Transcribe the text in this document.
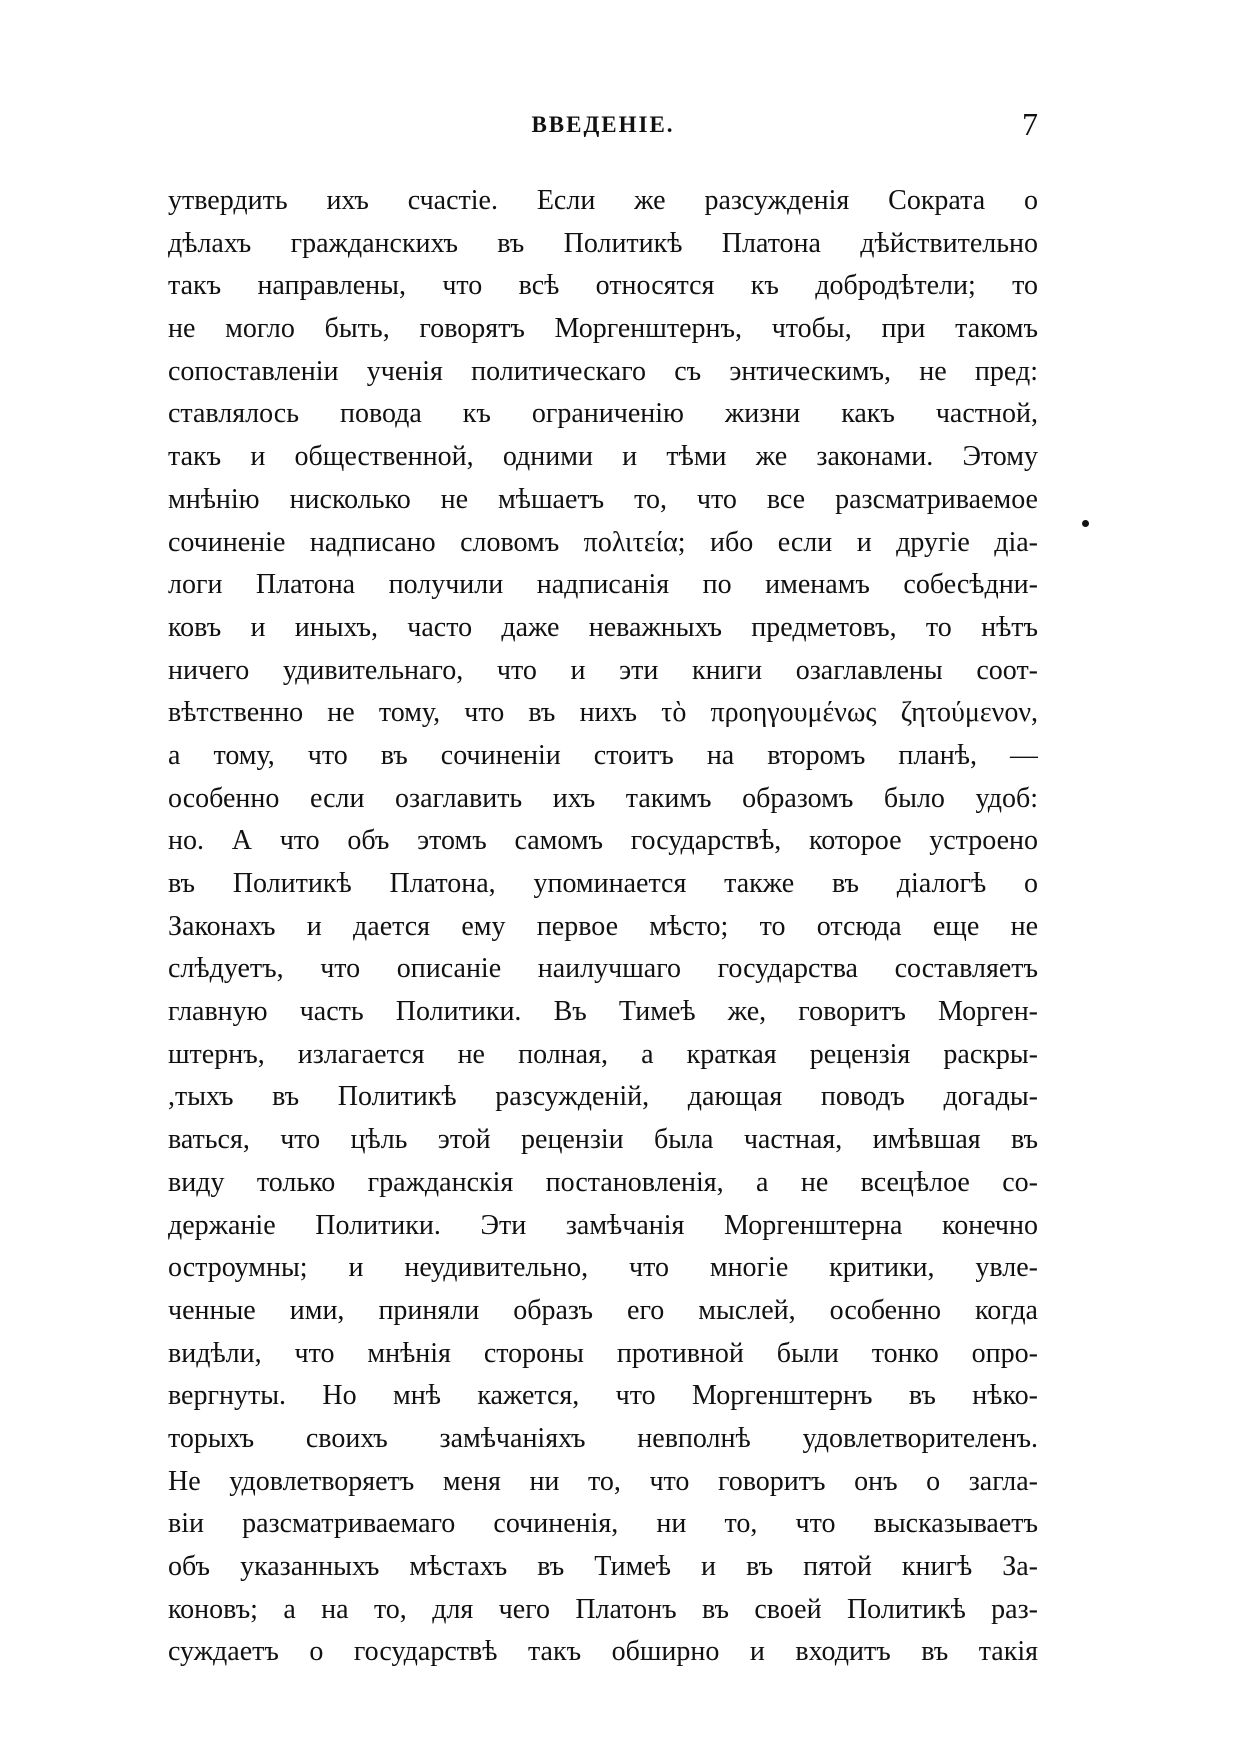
ВВЕДЕНІЕ.	7
утвердить ихъ счастіе. Если же разсужденія Сократа о
дѣлахъ гражданскихъ въ Политикѣ Платона дѣйствительно
такъ направлены, что всѣ относятся къ добродѣтели; то
не могло быть, говорятъ Моргенштернъ, чтобы, при такомъ
сопоставленіи ученія политическаго съ энтическимъ, не пред:
ставлялось повода къ ограниченію жизни какъ частной,
такъ и общественной, одними и тѣми же законами. Этому
мнѣнію нисколько не мѣшаетъ то, что все разсматриваемое
сочиненіе надписано словомъ πολιτεία; ибо если и другіе діа-
логи Платона получили надписанія по именамъ собесѣдни-
ковъ и иныхъ, часто даже неважныхъ предметовъ, то нѣтъ
ничего удивительнаго, что и эти книги озаглавлены соот-
вѣтственно не тому, что въ нихъ τὸ προηγουμένως ζητούμενον,
а тому, что въ сочиненіи стоитъ на второмъ планѣ, —
особенно если озаглавить ихъ такимъ образомъ было удоб:
но. А что объ этомъ самомъ государствѣ, которое устроено
въ Политикѣ Платона, упоминается также въ діалогѣ о
Законахъ и дается ему первое мѣсто; то отсюда еще не
слѣдуетъ, что описаніе наилучшаго государства составляетъ
главную часть Политики. Въ Тимеѣ же, говоритъ Морген-
штернъ, излагается не полная, а краткая рецензія раскры-
,тыхъ въ Политикѣ разсужденій, дающая поводъ догады-
ваться, что цѣль этой рецензіи была частная, имѣвшая въ
виду только гражданскія постановленія, а не всецѣлое со-
держаніе Политики. Эти замѣчанія Моргенштерна конечно
остроумны; и неудивительно, что многіе критики, увле-
ченные ими, приняли образъ его мыслей, особенно когда
видѣли, что мнѣнія стороны противной были тонко опро-
вергнуты. Но мнѣ кажется, что Моргенштернъ въ нѣко-
торыхъ своихъ замѣчаніяхъ невполнѣ удовлетворителенъ.
Не удовлетворяетъ меня ни то, что говоритъ онъ о заглa-
віи разсматриваемаго сочиненія, ни то, что высказываетъ
объ указанныхъ мѣстахъ въ Тимеѣ и въ пятой книгѣ За-
коновъ; а на то, для чего Платонъ въ своей Политикѣ раз-
суждаетъ о государствѣ такъ обширно и входитъ въ такія
